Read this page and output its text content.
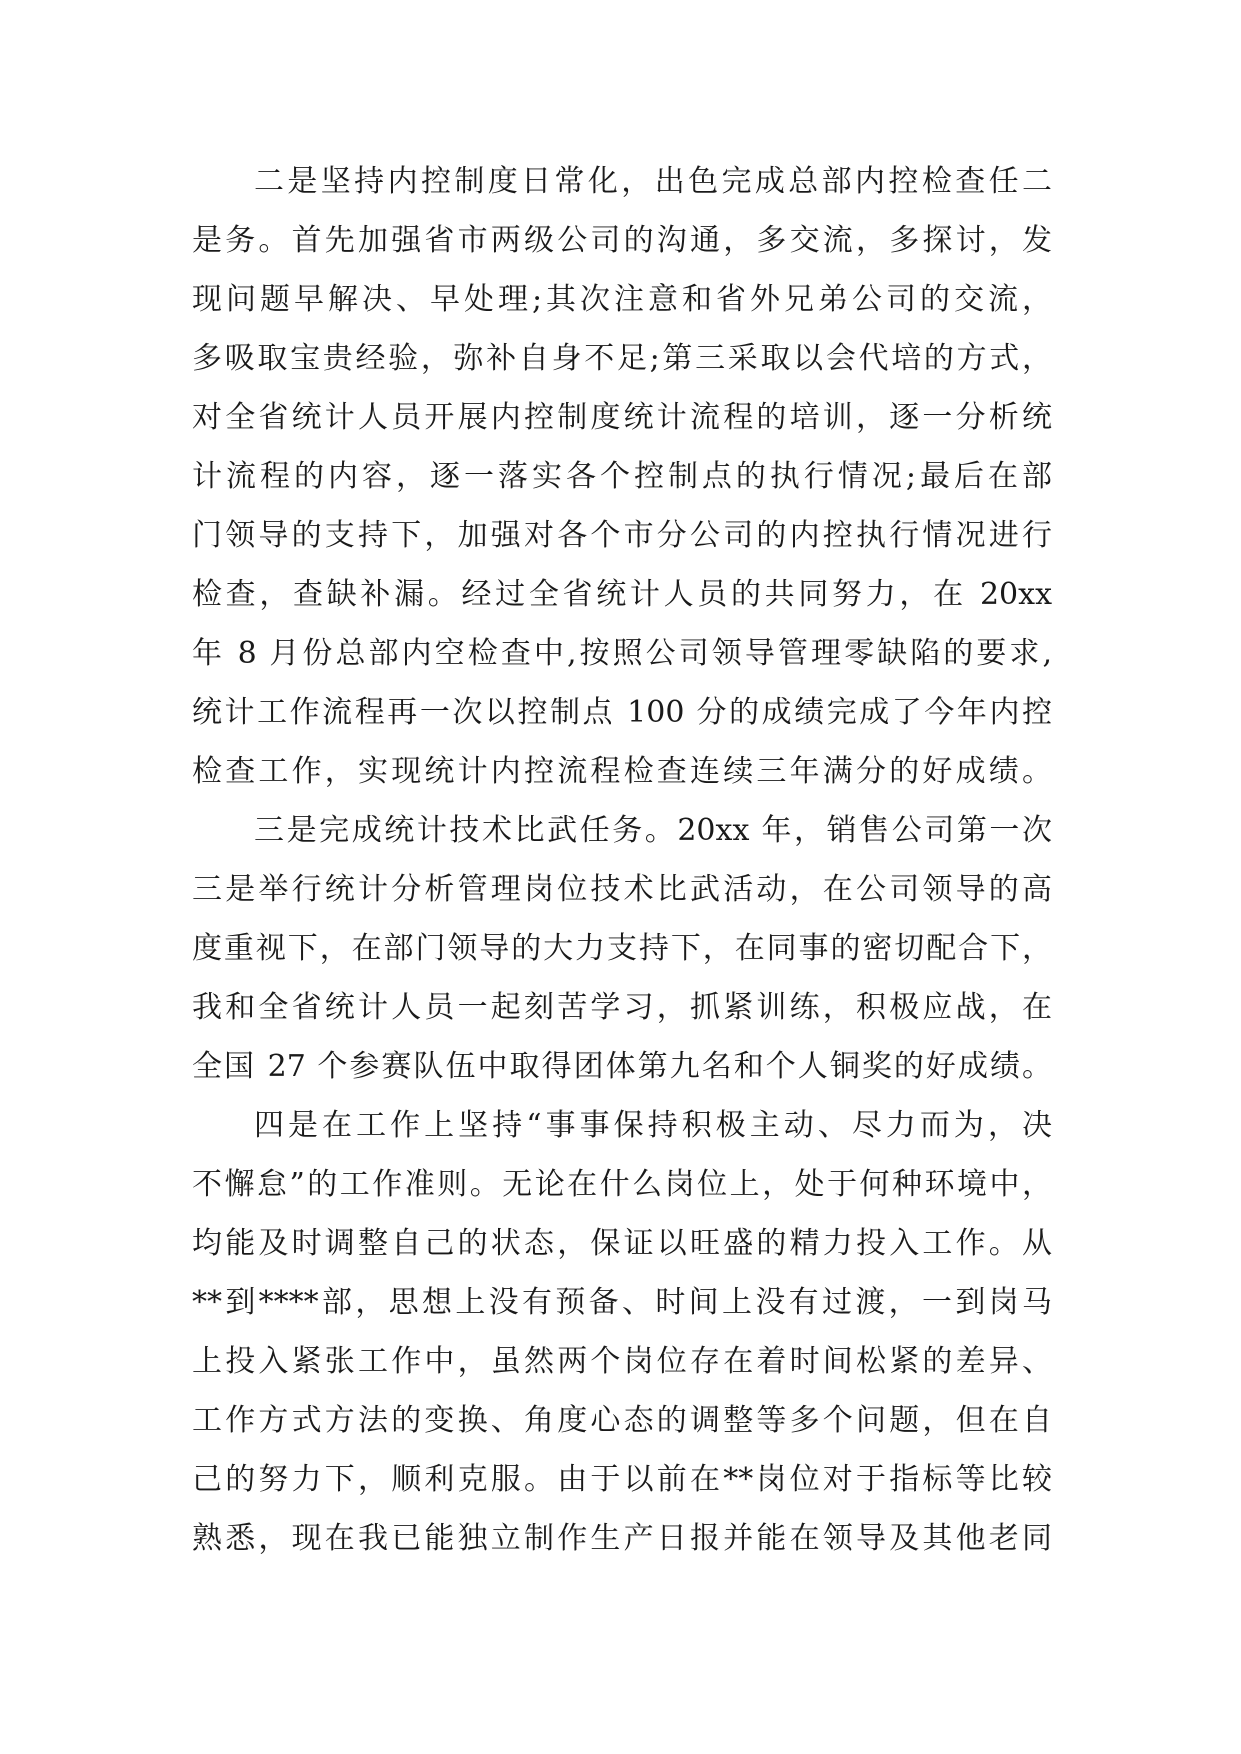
二是坚持内控制度日常化，出色完成总部内控检查任二
是务。首先加强省市两级公司的沟通，多交流，多探讨，发
现问题早解决、早处理;其次注意和省外兄弟公司的交流，
多吸取宝贵经验，弥补自身不足;第三采取以会代培的方式，
对全省统计人员开展内控制度统计流程的培训，逐一分析统
计流程的内容，逐一落实各个控制点的执行情况;最后在部
门领导的支持下，加强对各个市分公司的内控执行情况进行
检查，查缺补漏。经过全省统计人员的共同努力，在 20xx
年 8 月份总部内空检查中,按照公司领导管理零缺陷的要求,
统计工作流程再一次以控制点 100 分的成绩完成了今年内控
检查工作，实现统计内控流程检查连续三年满分的好成绩。
三是完成统计技术比武任务。20xx 年，销售公司第一次
三是举行统计分析管理岗位技术比武活动，在公司领导的高
度重视下，在部门领导的大力支持下，在同事的密切配合下，
我和全省统计人员一起刻苦学习，抓紧训练，积极应战，在
全国 27 个参赛队伍中取得团体第九名和个人铜奖的好成绩。
四是在工作上坚持“事事保持积极主动、尽力而为，决
不懈怠”的工作准则。无论在什么岗位上，处于何种环境中，
均能及时调整自己的状态，保证以旺盛的精力投入工作。从
**到****部，思想上没有预备、时间上没有过渡，一到岗马
上投入紧张工作中，虽然两个岗位存在着时间松紧的差异、
工作方式方法的变换、角度心态的调整等多个问题，但在自
己的努力下，顺利克服。由于以前在**岗位对于指标等比较
熟悉，现在我已能独立制作生产日报并能在领导及其他老同
